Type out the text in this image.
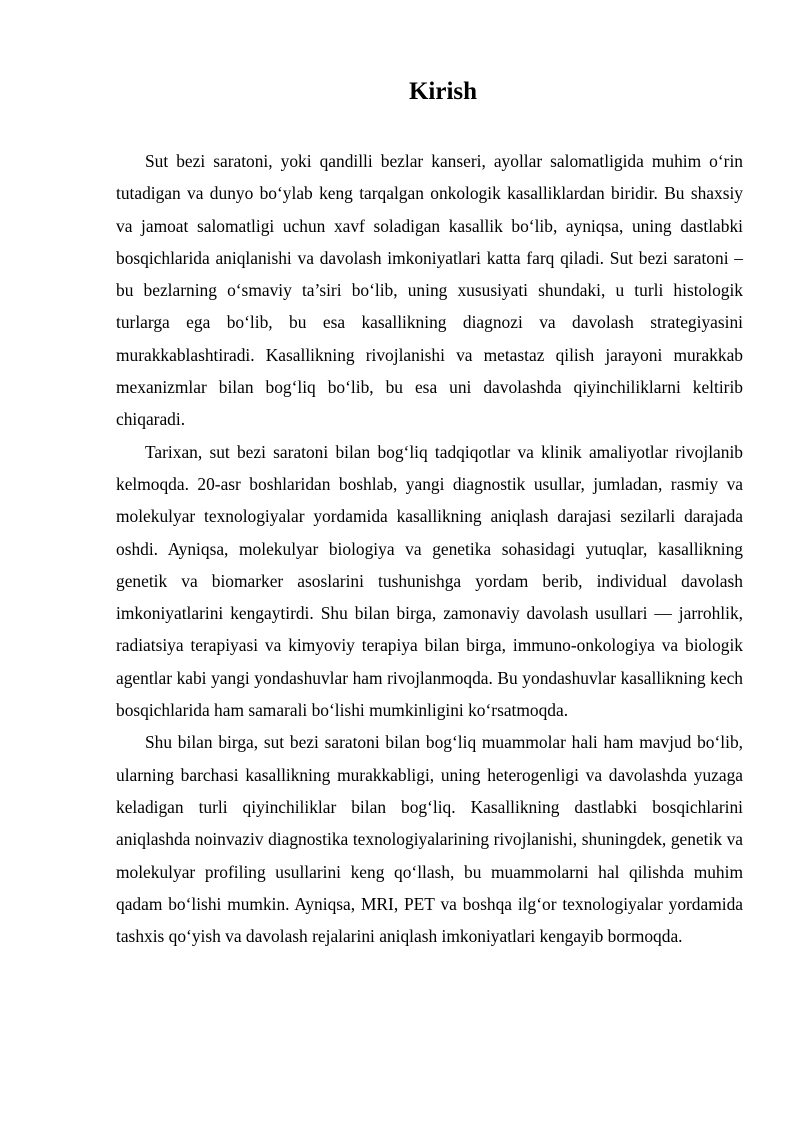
Kirish

Sut bezi saratoni, yoki qandilli bezlar kanseri, ayollar salomatligida muhim o‘rin tutadigan va dunyo bo‘ylab keng tarqalgan onkologik kasalliklardan biridir. Bu shaxsiy va jamoat salomatligi uchun xavf soladigan kasallik bo‘lib, ayniqsa, uning dastlabki bosqichlarida aniqlanishi va davolash imkoniyatlari katta farq qiladi. Sut bezi saratoni – bu bezlarning o‘smaviy ta’siri bo‘lib, uning xususiyati shundaki, u turli histologik turlarga ega bo‘lib, bu esa kasallikning diagnozi va davolash strategiyasini murakkablashtiradi. Kasallikning rivojlanishi va metastaz qilish jarayoni murakkab mexanizmlar bilan bog‘liq bo‘lib, bu esa uni davolashda qiyinchiliklarni keltirib chiqaradi.

Tarixan, sut bezi saratoni bilan bog‘liq tadqiqotlar va klinik amaliyotlar rivojlanib kelmoqda. 20-asr boshlaridan boshlab, yangi diagnostik usullar, jumladan, rasmiy va molekulyar texnologiyalar yordamida kasallikning aniqlash darajasi sezilarli darajada oshdi. Ayniqsa, molekulyar biologiya va genetika sohasidagi yutuqlar, kasallikning genetik va biomarker asoslarini tushunishga yordam berib, individual davolash imkoniyatlarini kengaytirdi. Shu bilan birga, zamonaviy davolash usullari — jarrohlik, radiatsiya terapiyasi va kimyoviy terapiya bilan birga, immuno-onkologiya va biologik agentlar kabi yangi yondashuvlar ham rivojlanmoqda. Bu yondashuvlar kasallikning kech bosqichlarida ham samarali bo‘lishi mumkinligini ko‘rsatmoqda.

Shu bilan birga, sut bezi saratoni bilan bog‘liq muammolar hali ham mavjud bo‘lib, ularning barchasi kasallikning murakkabligi, uning heterogenligi va davolashda yuzaga keladigan turli qiyinchiliklar bilan bog‘liq. Kasallikning dastlabki bosqichlarini aniqlashda noinvaziv diagnostika texnologiyalarining rivojlanishi, shuningdek, genetik va molekulyar profiling usullarini keng qo‘llash, bu muammolarni hal qilishda muhim qadam bo‘lishi mumkin. Ayniqsa, MRI, PET va boshqa ilg‘or texnologiyalar yordamida tashxis qo‘yish va davolash rejalarini aniqlash imkoniyatlari kengayib bormoqda.
